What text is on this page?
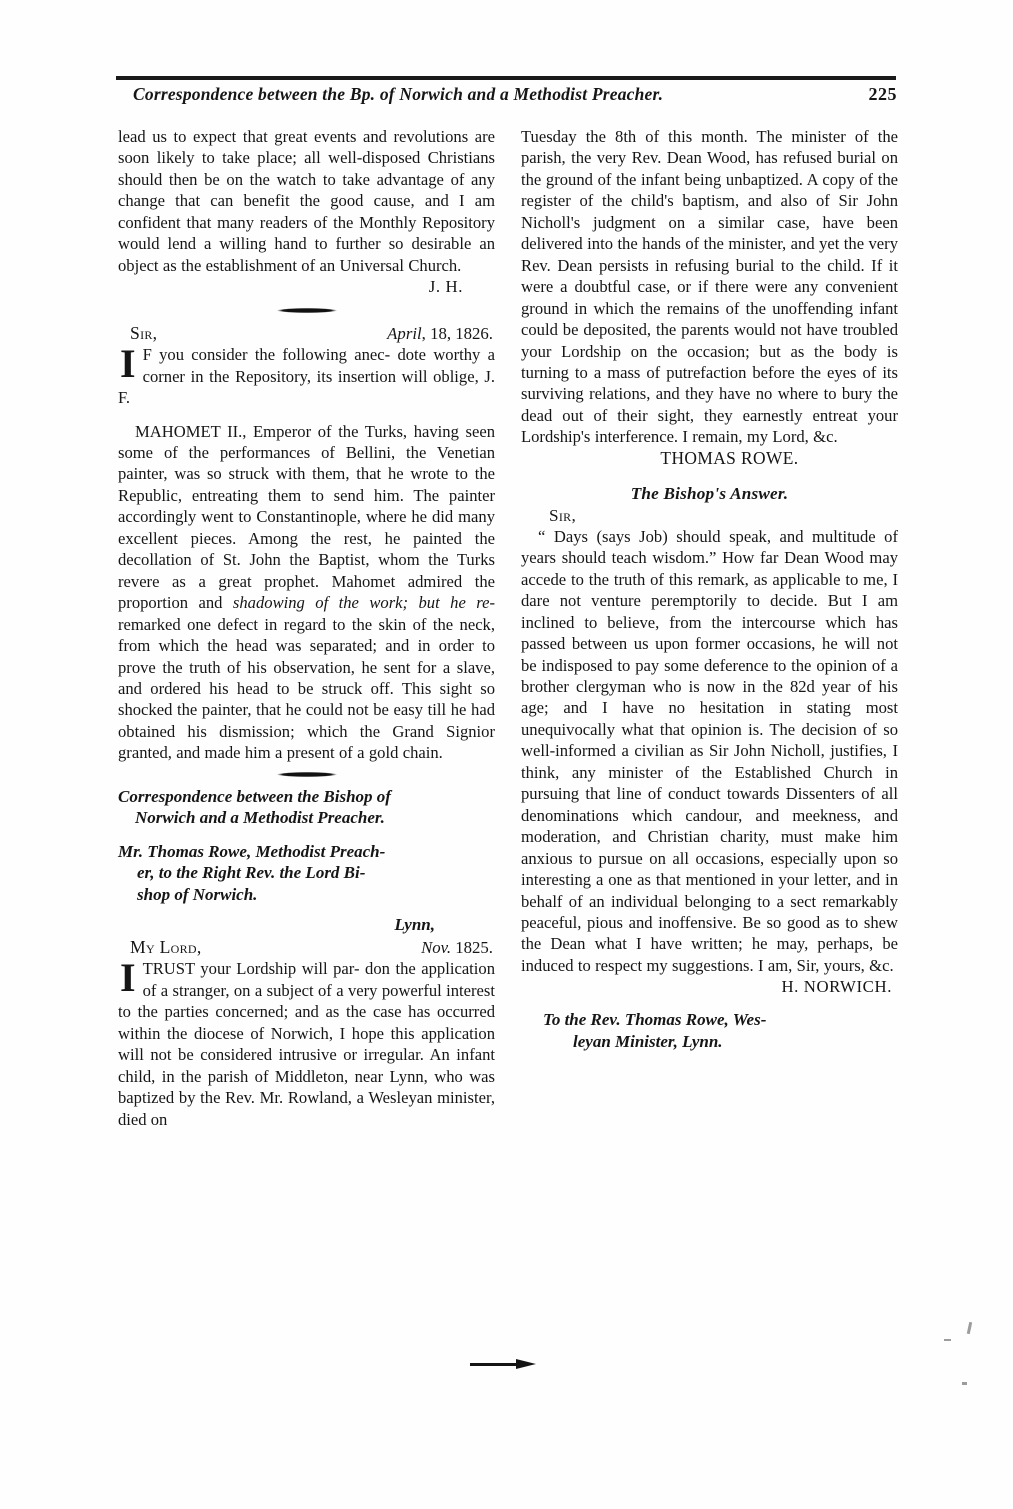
Correspondence between the Bp. of Norwich and a Methodist Preacher.	225

lead us to expect that great events and revolutions are soon likely to take place; all well-disposed Christians should then be on the watch to take advantage of any change that can benefit the good cause, and I am confident that many readers of the Monthly Repository would lend a willing hand to further so desirable an object as the establishment of an Universal Church.

J. H.
Sir,	April, 18, 1826.
I F you consider the following anec- dote worthy a corner in the Repository, its insertion will oblige, J. F.

MAHOMET II., Emperor of the Turks, having seen some of the performances of Bellini, the Venetian painter, was so struck with them, that he wrote to the Republic, entreating them to send him. The painter accordingly went to Constantinople, where he did many excellent pieces. Among the rest, he painted the decollation of St. John the Baptist, whom the Turks revere as a great prophet. Mahomet admired the proportion and shadowing of the work; but he re-remarked one defect in regard to the skin of the neck, from which the head was separated; and in order to prove the truth of his observation, he sent for a slave, and ordered his head to be struck off. This sight so shocked the painter, that he could not be easy till he had obtained his dismission; which the Grand Signior granted, and made him a present of a gold chain.

Correspondence between the Bishop of
Norwich and a Methodist Preacher.

Mr. Thomas Rowe, Methodist Preach-
er, to the Right Rev. the Lord Bi-
shop of Norwich.

Lynn,
My Lord,	Nov. 1825.
ITRUST your Lordship will par- don the application of a stranger, on a subject of a very powerful interest to the parties concerned; and as the case has occurred within the diocese of Norwich, I hope this application will not be considered intrusive or irregular. An infant child, in the parish of Middleton, near Lynn, who was baptized by the Rev. Mr. Rowland, a Wesleyan minister, died on

Tuesday the 8th of this month. The minister of the parish, the very Rev. Dean Wood, has refused burial on the ground of the infant being unbaptized. A copy of the register of the child's baptism, and also of Sir John Nicholl's judgment on a similar case, have been delivered into the hands of the minister, and yet the very Rev. Dean persists in refusing burial to the child. If it were a doubtful case, or if there were any convenient ground in which the remains of the unoffending infant could be deposited, the parents would not have troubled your Lordship on the occasion; but as the body is turning to a mass of putrefaction before the eyes of its surviving relations, and they have no where to bury the dead out of their sight, they earnestly entreat your Lordship's interference. I remain, my Lord, &c.

THOMAS ROWE.

The Bishop's Answer.

Sir,

“ Days (says Job) should speak, and multitude of years should teach wisdom.” How far Dean Wood may accede to the truth of this remark, as applicable to me, I dare not venture peremptorily to decide. But I am inclined to believe, from the intercourse which has passed between us upon former occasions, he will not be indisposed to pay some deference to the opinion of a brother clergyman who is now in the 82d year of his age; and I have no hesitation in stating most unequivocally what that opinion is. The decision of so well-informed a civilian as Sir John Nicholl, justifies, I think, any minister of the Established Church in pursuing that line of conduct towards Dissenters of all denominations which candour, and meekness, and moderation, and Christian charity, must make him anxious to pursue on all occasions, especially upon so interesting a one as that mentioned in your letter, and in behalf of an individual belonging to a sect remarkably peaceful, pious and inoffensive. Be so good as to shew the Dean what I have written; he may, perhaps, be induced to respect my suggestions. I am, Sir, yours, &c.

H. NORWICH.

To the Rev. Thomas Rowe, Wes-
leyan Minister, Lynn.
